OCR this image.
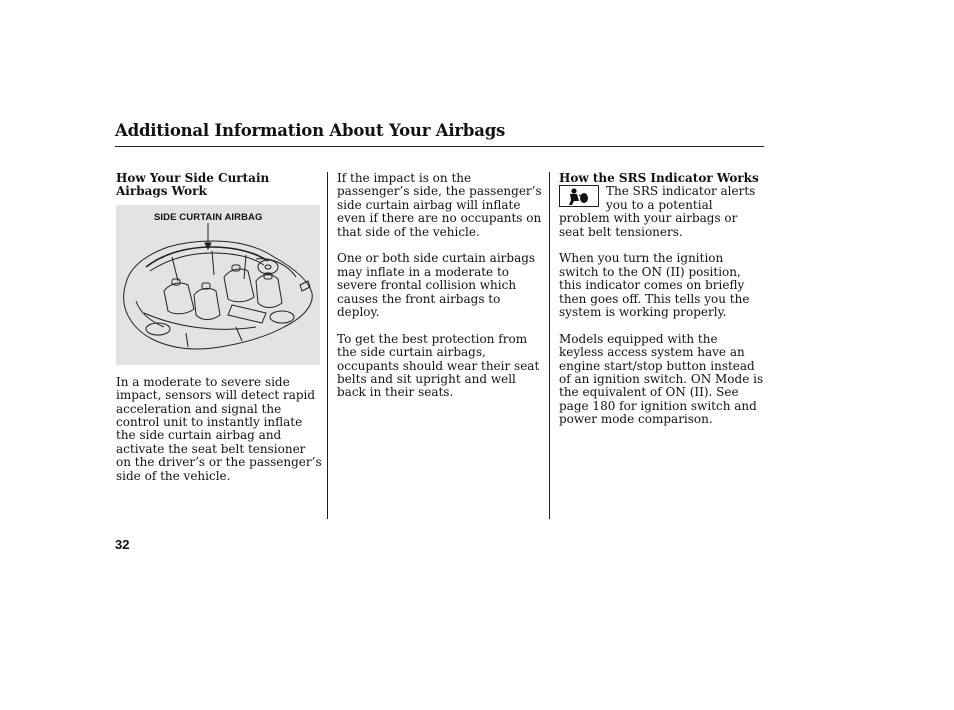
Additional Information About Your Airbags
How Your Side Curtain Airbags Work
SIDE CURTAIN AIRBAG

In a moderate to severe side impact, sensors will detect rapid acceleration and signal the control unit to instantly inflate the side curtain airbag and activate the seat belt tensioner on the driver’s or the passenger’s side of the vehicle.

If the impact is on the passenger’s side, the passenger’s side curtain airbag will inflate even if there are no occupants on that side of the vehicle.

One or both side curtain airbags may inflate in a moderate to severe frontal collision which causes the front airbags to deploy.

To get the best protection from the side curtain airbags, occupants should wear their seat belts and sit upright and well back in their seats.

How the SRS Indicator Works

The SRS indicator alerts you to a potential problem with your airbags or seat belt tensioners.

When you turn the ignition switch to the ON (II) position, this indicator comes on briefly then goes off. This tells you the system is working properly.

Models equipped with the keyless access system have an engine start/stop button instead of an ignition switch. ON Mode is the equivalent of ON (II). See page 180 for ignition switch and power mode comparison.

32
